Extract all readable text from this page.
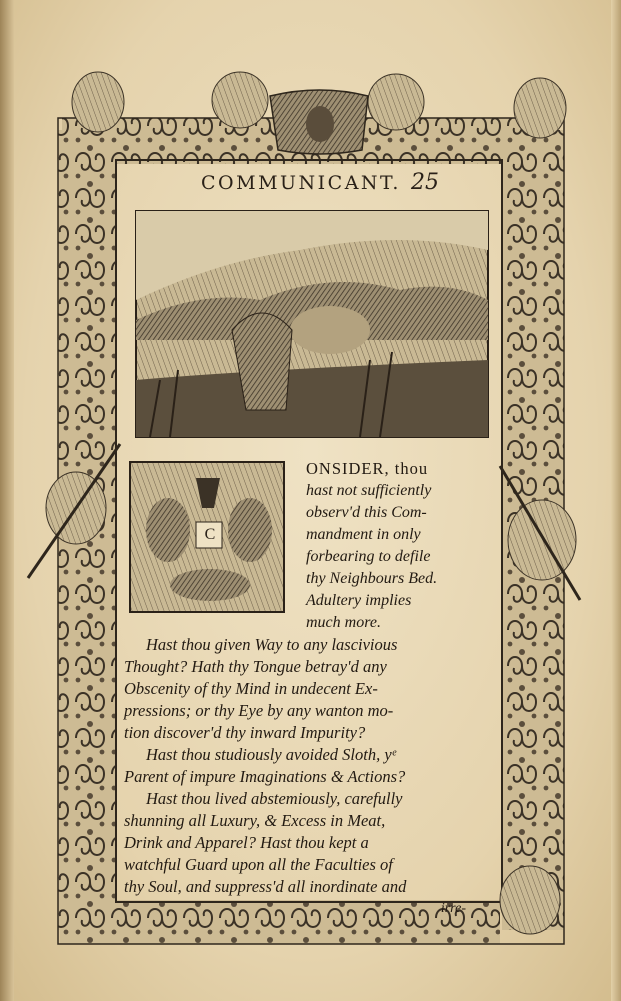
COMMUNICANT. 25
C
ONSIDER, thou
hast not sufficiently
observ'd this Com-
mandment in only
forbearing to defile
thy Neighbours Bed.
Adultery implies
much more.
Hast thou given Way to any lascivious
Thought? Hath thy Tongue betray'd any
Obscenity of thy Mind in undecent Ex-
pressions; or thy Eye by any wanton mo-
tion discover'd thy inward Impurity?
Hast thou studiously avoided Sloth, yᵉ
Parent of impure Imaginations & Actions?
Hast thou lived abstemiously, carefully
shunning all Luxury, & Excess in Meat,
Drink and Apparel? Hast thou kept a
watchful Guard upon all the Faculties of
thy Soul, and suppress'd all inordinate and
irre-
